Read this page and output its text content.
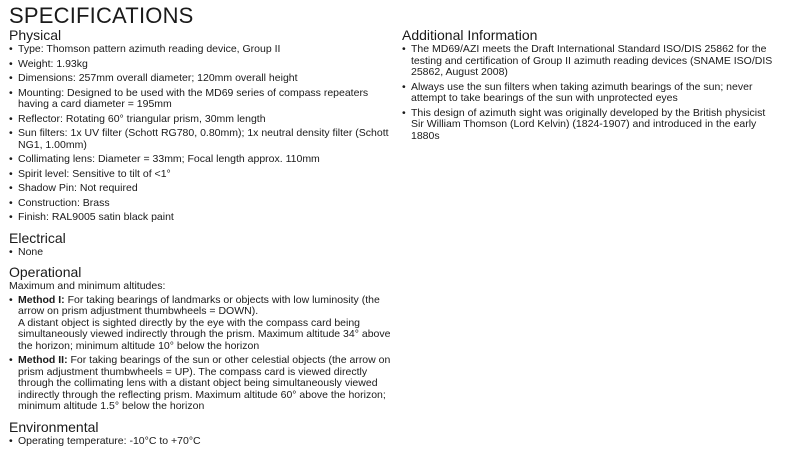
SPECIFICATIONS
Physical
• Type: Thomson pattern azimuth reading device, Group II
• Weight: 1.93kg
• Dimensions: 257mm overall diameter; 120mm overall height
• Mounting: Designed to be used with the MD69 series of compass repeaters having a card diameter = 195mm
• Reflector: Rotating 60° triangular prism, 30mm length
• Sun filters: 1x UV filter (Schott RG780, 0.80mm); 1x neutral density filter (Schott NG1, 1.00mm)
• Collimating lens: Diameter = 33mm; Focal length approx. 110mm
• Spirit level: Sensitive to tilt of <1°
• Shadow Pin: Not required
• Construction: Brass
• Finish: RAL9005 satin black paint
Electrical
• None
Operational

Maximum and minimum altitudes:

• Method I: For taking bearings of landmarks or objects with low luminosity (the arrow on prism adjustment thumbwheels = DOWN).
A distant object is sighted directly by the eye with the compass card being simultaneously viewed indirectly through the prism. Maximum altitude 34° above the horizon; minimum altitude 10° below the horizon
• Method II: For taking bearings of the sun or other celestial objects (the arrow on prism adjustment thumbwheels = UP). The compass card is viewed directly through the collimating lens with a distant object being simultaneously viewed indirectly through the reflecting prism. Maximum altitude 60° above the horizon; minimum altitude 1.5° below the horizon
Environmental
• Operating temperature: -10°C to +70°C
Additional Information
• The MD69/AZI meets the Draft International Standard ISO/DIS 25862 for the testing and certification of Group II azimuth reading devices (SNAME ISO/DIS 25862, August 2008)
• Always use the sun filters when taking azimuth bearings of the sun; never attempt to take bearings of the sun with unprotected eyes
• This design of azimuth sight was originally developed by the British physicist Sir William Thomson (Lord Kelvin) (1824-1907) and introduced in the early 1880s
